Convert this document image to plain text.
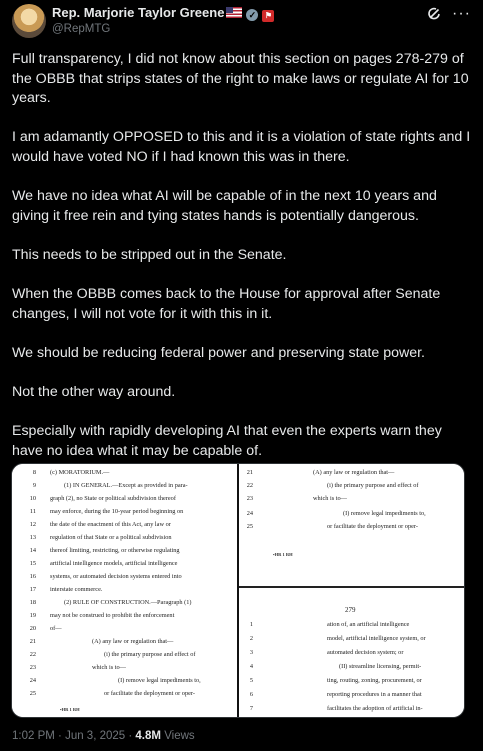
Rep. Marjorie Taylor Greene	✓ ⚑
@RepMTG
···

Full transparency, I did not know about this section on pages 278-279 of the OBBB that strips states of the right to make laws or regulate AI for 10 years.

I am adamantly OPPOSED to this and it is a violation of state rights and I would have voted NO if I had known this was in there.

We have no idea what AI will be capable of in the next 10 years and giving it free rein and tying states hands is potentially dangerous.

This needs to be stripped out in the Senate.

When the OBBB comes back to the House for approval after Senate changes, I will not vote for it with this in it.

We should be reducing federal power and preserving state power.

Not the other way around.

Especially with rapidly developing AI that even the experts warn they have no idea what it may be capable of.

8 (c) MORATORIUM.—
9	(1) IN GENERAL.—Except as provided in para-
10 graph (2), no State or political subdivision thereof
11 may enforce, during the 10-year period beginning on
12 the date of the enactment of this Act, any law or
13 regulation of that State or a political subdivision
14 thereof limiting, restricting, or otherwise regulating
15 artificial intelligence models, artificial intelligence
16 systems, or automated decision systems entered into
17 interstate commerce.
18	(2) RULE OF CONSTRUCTION.—Paragraph (1)
19 may not be construed to prohibit the enforcement
20 of—
21	(A) any law or regulation that—
22	(i) the primary purpose and effect of
23	which is to—
24	(I) remove legal impediments to,
25	or facilitate the deployment or oper-
•HR 1 RH
21	(A) any law or regulation that—
22	(i) the primary purpose and effect of
23	which is to—
24	(I) remove legal impediments to,
25	or facilitate the deployment or oper-
•HR 1 RH
279
1	ation of, an artificial intelligence
2	model, artificial intelligence system, or
3	automated decision system; or
4	(II) streamline licensing, permit-
5	ting, routing, zoning, procurement, or
6	reporting procedures in a manner that
7	facilitates the adoption of artificial in-
1:02 PM · Jun 3, 2025 · 4.8M Views
